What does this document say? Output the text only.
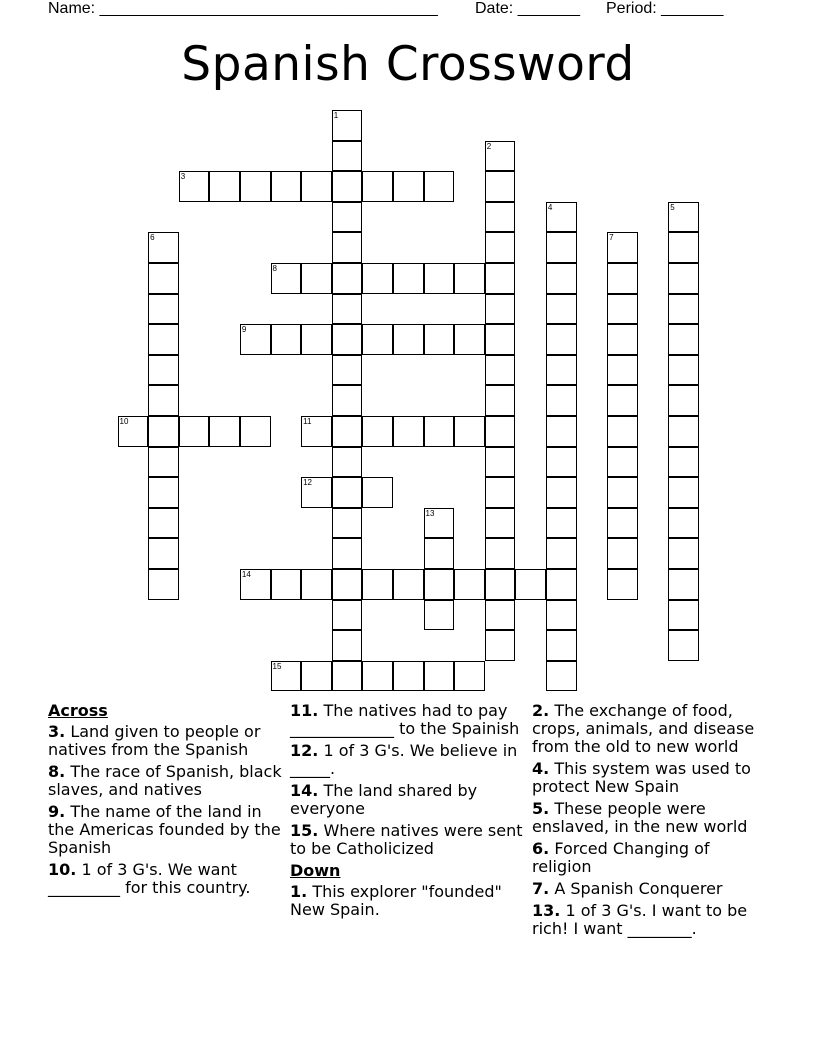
Name: ______________________________________

Date: _______

Period: _______

Spanish Crossword
1
2
3
4	5
6	7
8
9
10	11
12
13
14
15
Across
3. Land given to people or natives from the Spanish
8. The race of Spanish, black slaves, and natives
9. The name of the land in the Americas founded by the Spanish
10. 1 of 3 G's. We want _________ for this country.
11. The natives had to pay _____________ to the Spainish
12. 1 of 3 G's. We believe in _____.
14. The land shared by everyone
15. Where natives were sent to be Catholicized
Down
1. This explorer "founded" New Spain.
2. The exchange of food, crops, animals, and disease from the old to new world
4. This system was used to protect New Spain
5. These people were enslaved, in the new world
6. Forced Changing of religion
7. A Spanish Conquerer
13. 1 of 3 G's. I want to be rich! I want ________.
